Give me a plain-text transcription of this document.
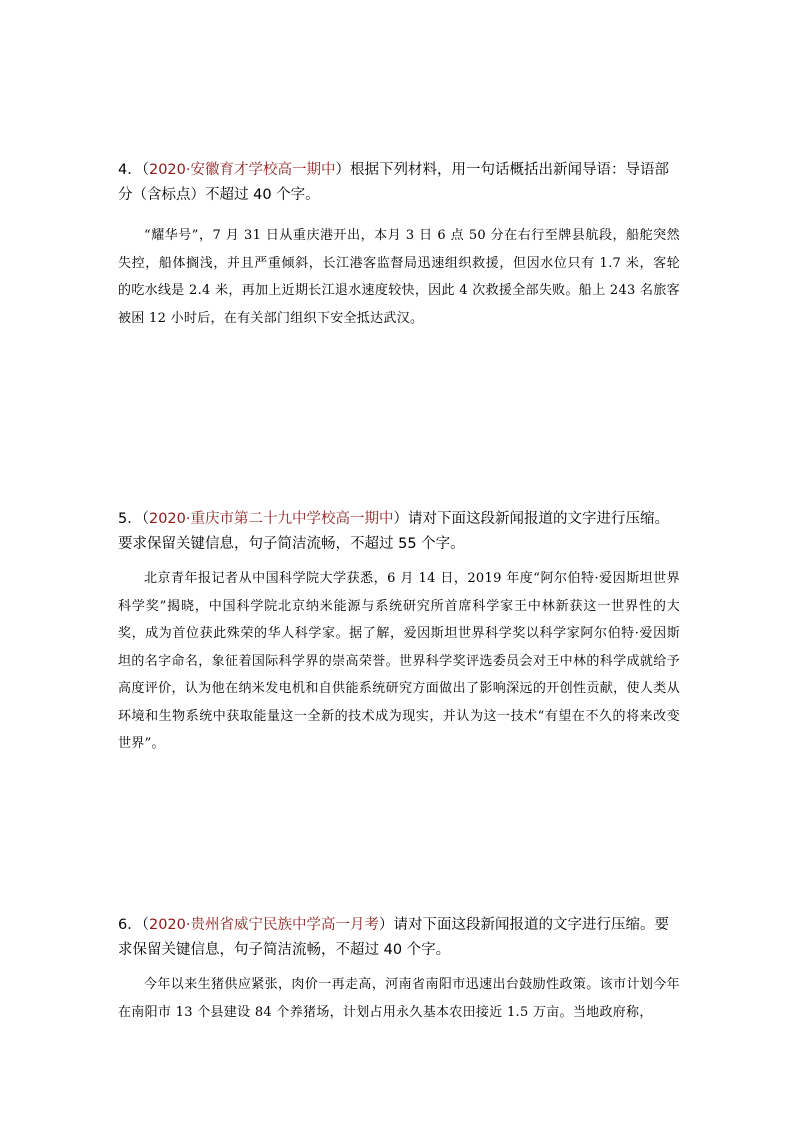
4．（2020·安徽育才学校高一期中）根据下列材料，用一句话概括出新闻导语：导语部分（含标点）不超过 40 个字。

“耀华号”，7 月 31 日从重庆港开出，本月 3 日 6 点 50 分在右行至牌县航段，船舵突然失控，船体搁浅，并且严重倾斜，长江港客监督局迅速组织救援，但因水位只有 1.7 米，客轮的吃水线是 2.4 米，再加上近期长江退水速度较快，因此 4 次救援全部失败。船上 243 名旅客被困 12 小时后，在有关部门组织下安全抵达武汉。

5．（2020·重庆市第二十九中学校高一期中）请对下面这段新闻报道的文字进行压缩。要求保留关键信息，句子简洁流畅，不超过 55 个字。

北京青年报记者从中国科学院大学获悉，6 月 14 日，2019 年度“阿尔伯特·爱因斯坦世界科学奖”揭晓，中国科学院北京纳米能源与系统研究所首席科学家王中林新获这一世界性的大奖，成为首位获此殊荣的华人科学家。据了解，爱因斯坦世界科学奖以科学家阿尔伯特·爱因斯坦的名字命名，象征着国际科学界的崇高荣誉。世界科学奖评选委员会对王中林的科学成就给予高度评价，认为他在纳米发电机和自供能系统研究方面做出了影响深远的开创性贡献，使人类从环境和生物系统中获取能量这一全新的技术成为现实，并认为这一技术“有望在不久的将来改变世界”。

6．（2020·贵州省威宁民族中学高一月考）请对下面这段新闻报道的文字进行压缩。要求保留关键信息，句子简洁流畅，不超过 40 个字。

今年以来生猪供应紧张，肉价一再走高，河南省南阳市迅速出台鼓励性政策。该市计划今年在南阳市 13 个县建设 84 个养猪场，计划占用永久基本农田接近 1.5 万亩。当地政府称，
